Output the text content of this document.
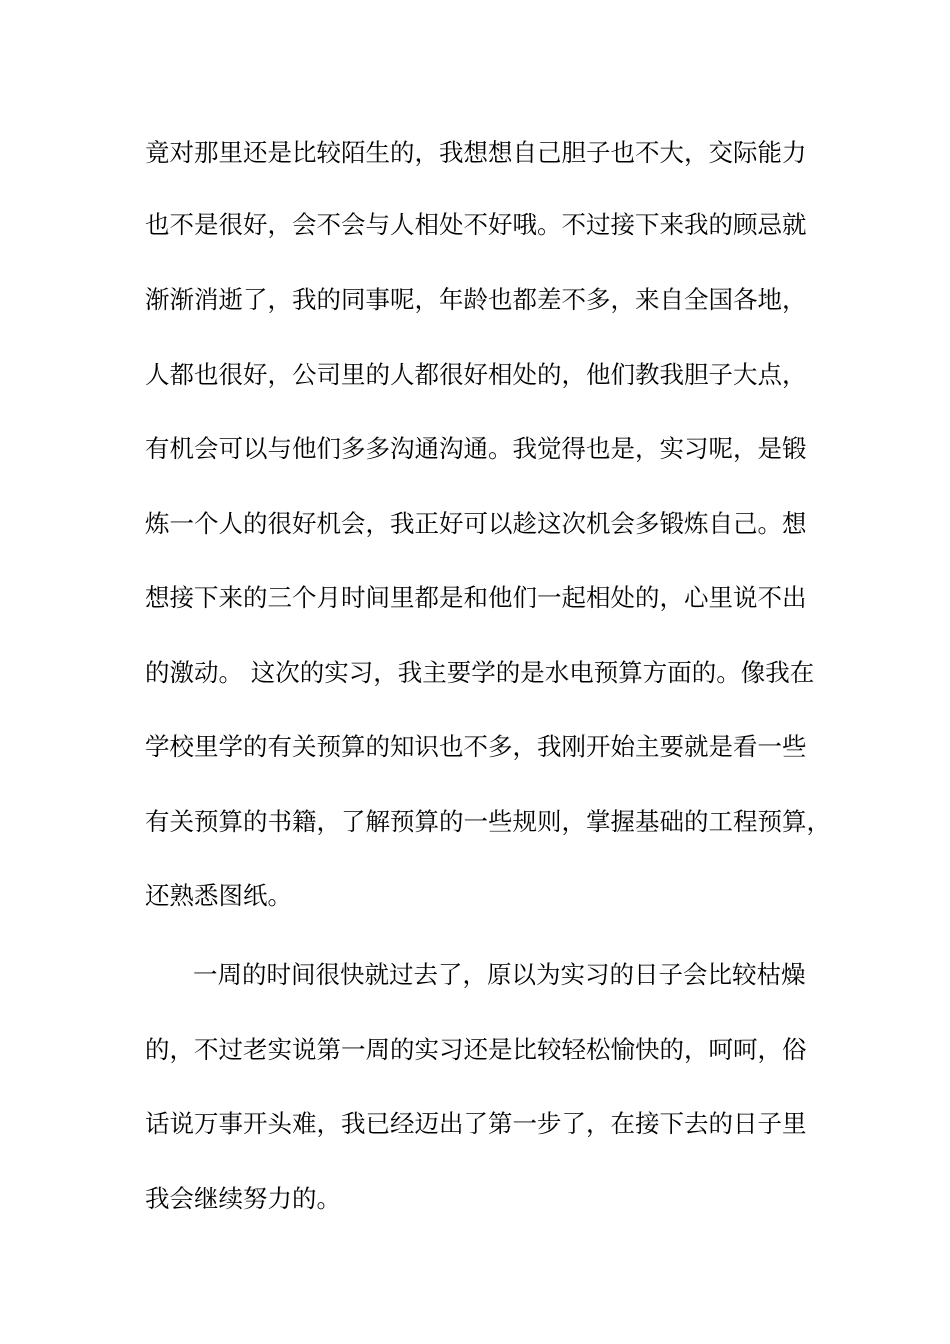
竟对那里还是比较陌生的，我想想自己胆子也不大，交际能力
也不是很好，会不会与人相处不好哦。不过接下来我的顾忌就
渐渐消逝了，我的同事呢，年龄也都差不多，来自全国各地，
人都也很好，公司里的人都很好相处的，他们教我胆子大点，
有机会可以与他们多多沟通沟通。我觉得也是，实习呢，是锻
炼一个人的很好机会，我正好可以趁这次机会多锻炼自己。想
想接下来的三个月时间里都是和他们一起相处的，心里说不出
的激动。 这次的实习，我主要学的是水电预算方面的。像我在
学校里学的有关预算的知识也不多，我刚开始主要就是看一些
有关预算的书籍，了解预算的一些规则，掌握基础的工程预算，
还熟悉图纸。
一周的时间很快就过去了，原以为实习的日子会比较枯燥
的，不过老实说第一周的实习还是比较轻松愉快的，呵呵，俗
话说万事开头难，我已经迈出了第一步了，在接下去的日子里
我会继续努力的。
